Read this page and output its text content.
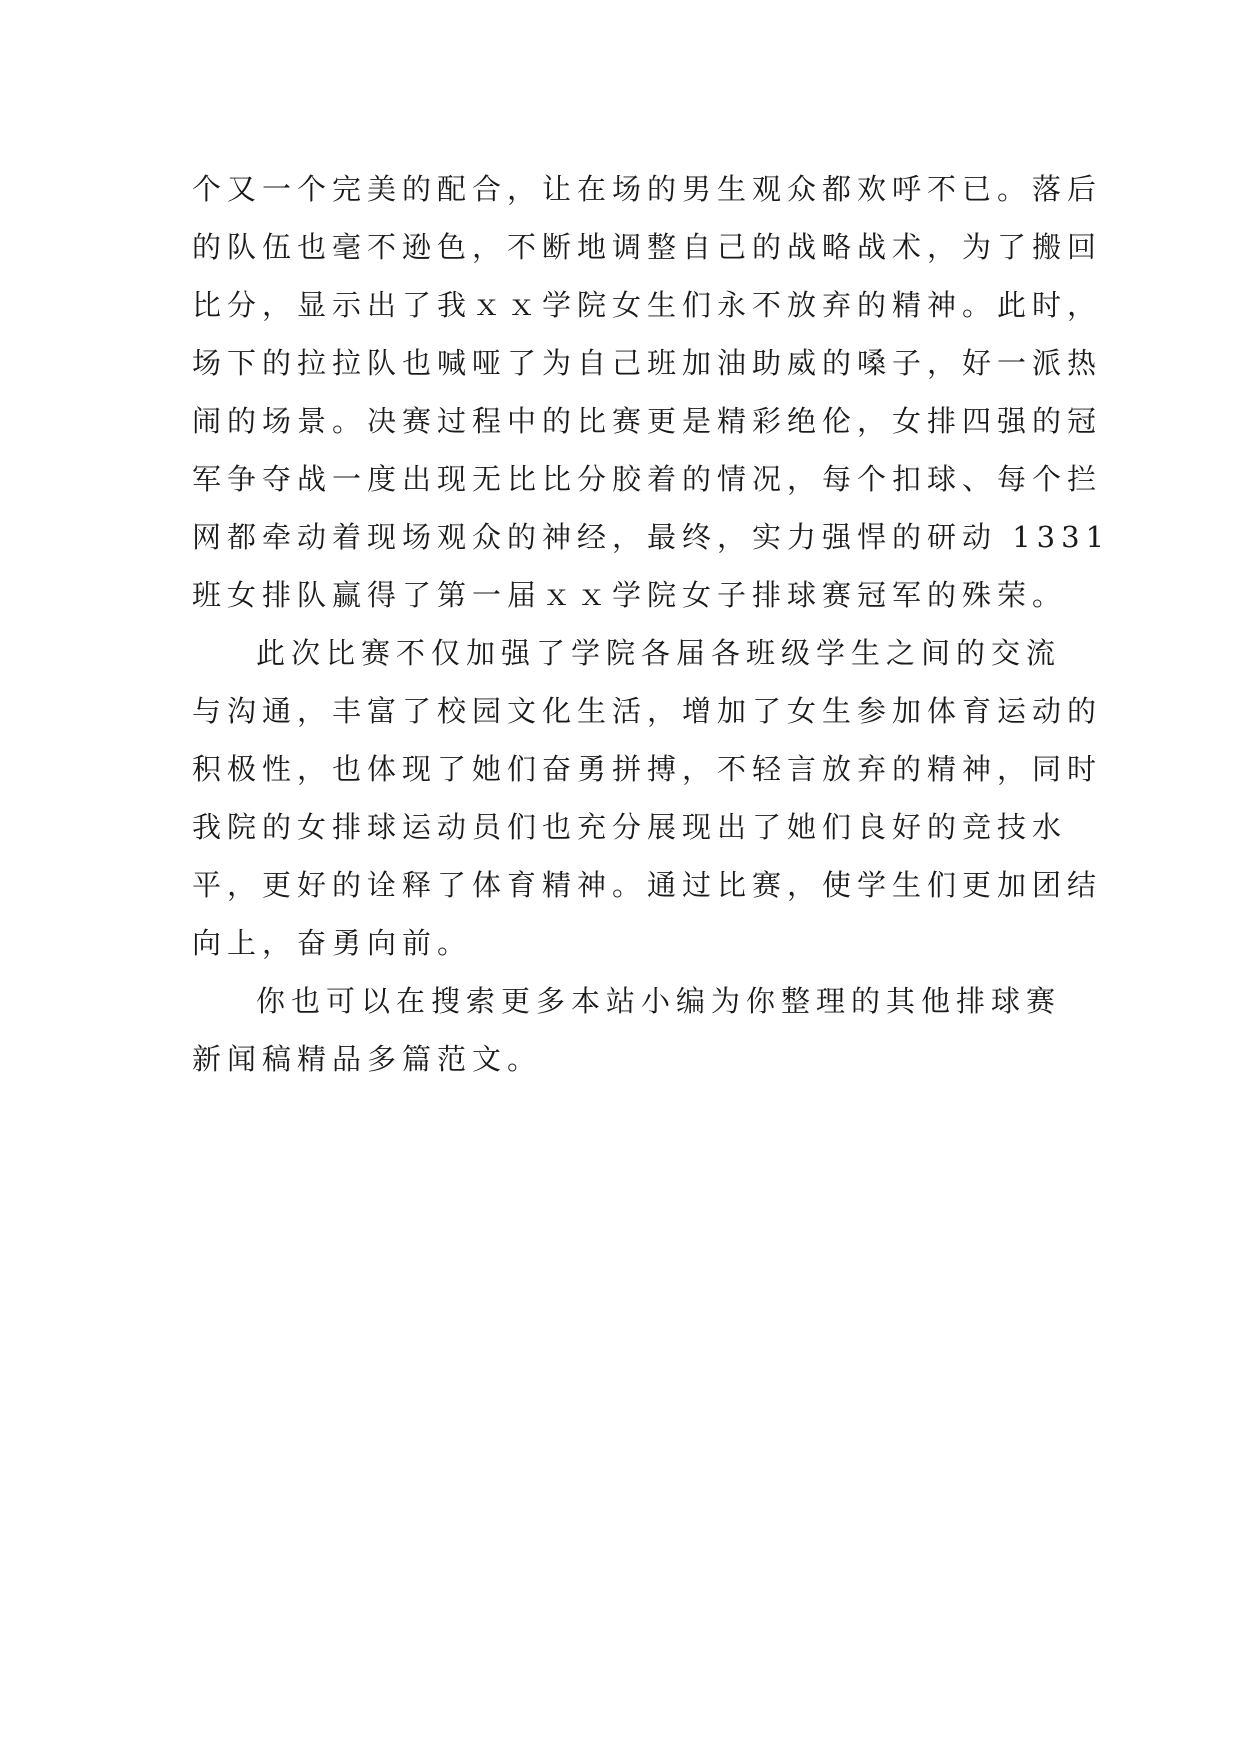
个又一个完美的配合，让在场的男生观众都欢呼不已。落后
的队伍也毫不逊色，不断地调整自己的战略战术，为了搬回
比分，显示出了我ｘｘ学院女生们永不放弃的精神。此时，
场下的拉拉队也喊哑了为自己班加油助威的嗓子，好一派热
闹的场景。决赛过程中的比赛更是精彩绝伦，女排四强的冠
军争夺战一度出现无比比分胶着的情况，每个扣球、每个拦
网都牵动着现场观众的神经，最终，实力强悍的研动 1331
班女排队赢得了第一届ｘｘ学院女子排球赛冠军的殊荣。
此次比赛不仅加强了学院各届各班级学生之间的交流
与沟通，丰富了校园文化生活，增加了女生参加体育运动的
积极性，也体现了她们奋勇拼搏，不轻言放弃的精神，同时
我院的女排球运动员们也充分展现出了她们良好的竞技水
平，更好的诠释了体育精神。通过比赛，使学生们更加团结
向上，奋勇向前。
你也可以在搜索更多本站小编为你整理的其他排球赛
新闻稿精品多篇范文。
